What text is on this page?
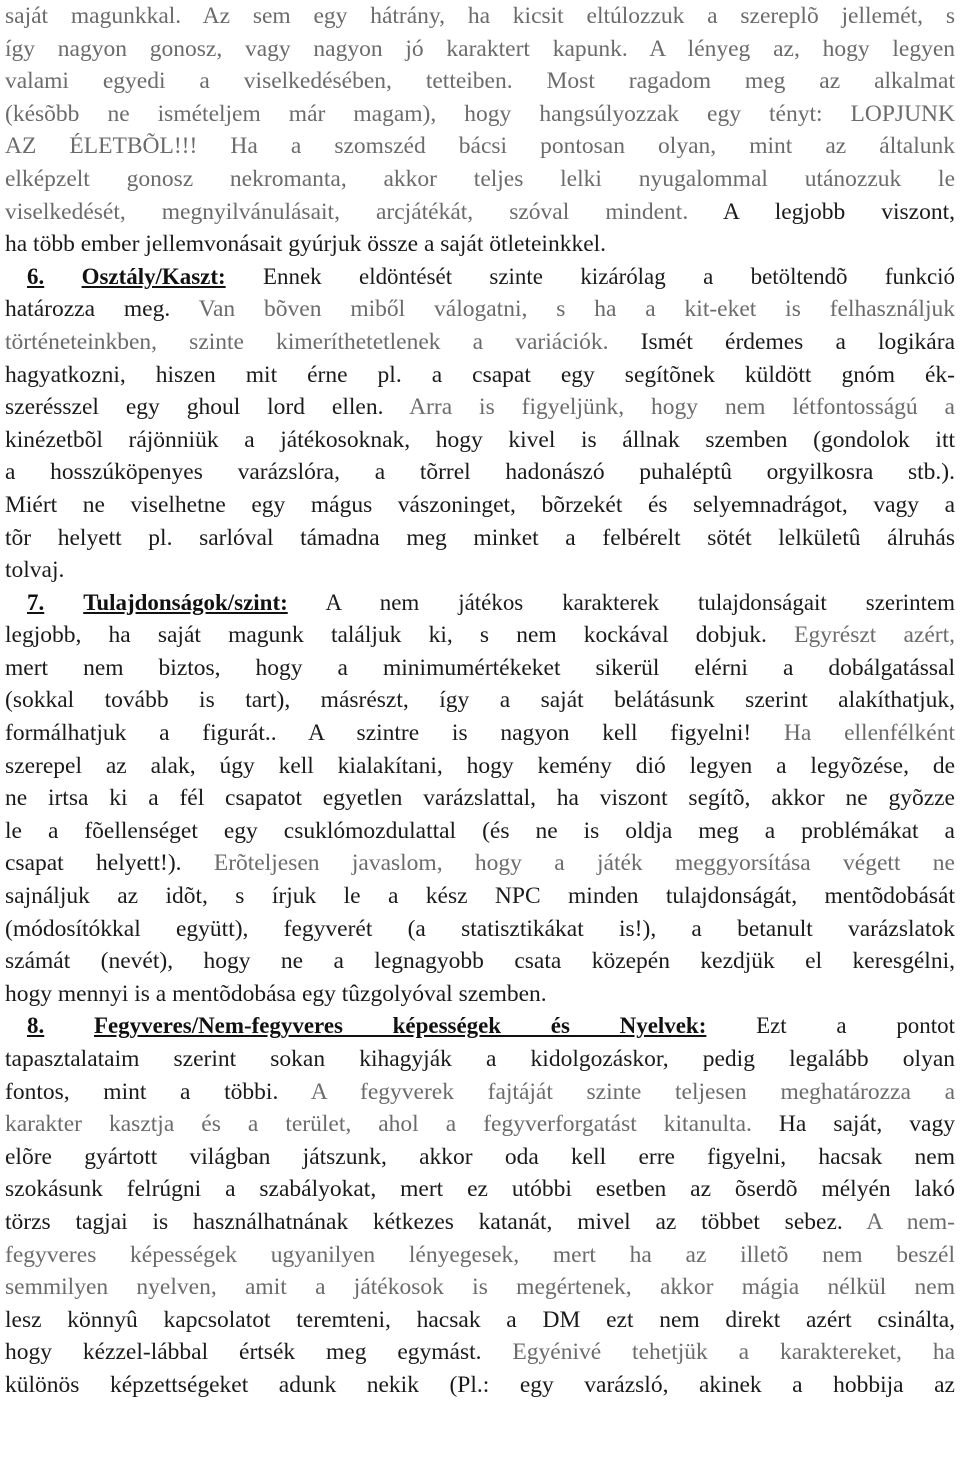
saját magunkkal. Az sem egy hátrány, ha kicsit eltúlozzuk a szereplõ jellemét, s
így nagyon gonosz, vagy nagyon jó karaktert kapunk. A lényeg az, hogy legyen
valami egyedi a viselkedésében, tetteiben. Most ragadom meg az alkalmat
(késõbb ne ismételjem már magam), hogy hangsúlyozzak egy tényt: LOPJUNK
AZ ÉLETBÕL!!! Ha a szomszéd bácsi pontosan olyan, mint az általunk
elképzelt gonosz nekromanta, akkor teljes lelki nyugalommal utánozzuk le
viselkedését, megnyilvánulásait, arcjátékát, szóval mindent. A legjobb viszont,
ha több ember jellemvonásait gyúrjuk össze a saját ötleteinkkel.
6. Osztály/Kaszt: Ennek eldöntését szinte kizárólag a betöltendõ funkció
határozza meg. Van bõven miből válogatni, s ha a kit-eket is felhasználjuk
történeteinkben, szinte kimeríthetetlenek a variációk. Ismét érdemes a logikára
hagyatkozni, hiszen mit érne pl. a csapat egy segítõnek küldött gnóm ék-
szerésszel egy ghoul lord ellen. Arra is figyeljünk, hogy nem létfontosságú a
kinézetbõl rájönniük a játékosoknak, hogy kivel is állnak szemben (gondolok itt
a hosszúköpenyes varázslóra, a tõrrel hadonászó puhaléptû orgyilkosra stb.).
Miért ne viselhetne egy mágus vászoninget, bõrzekét és selyemnadrágot, vagy a
tõr helyett pl. sarlóval támadna meg minket a felbérelt sötét lelkületû álruhás
tolvaj.
7. Tulajdonságok/szint: A nem játékos karakterek tulajdonságait szerintem
legjobb, ha saját magunk találjuk ki, s nem kockával dobjuk. Egyrészt azért,
mert nem biztos, hogy a minimumértékeket sikerül elérni a dobálgatással
(sokkal tovább is tart), másrészt, így a saját belátásunk szerint alakíthatjuk,
formálhatjuk a figurát.. A szintre is nagyon kell figyelni! Ha ellenfélként
szerepel az alak, úgy kell kialakítani, hogy kemény dió legyen a legyõzése, de
ne irtsa ki a fél csapatot egyetlen varázslattal, ha viszont segítõ, akkor ne gyõzze
le a fõellenséget egy csuklómozdulattal (és ne is oldja meg a problémákat a
csapat helyett!). Erõteljesen javaslom, hogy a játék meggyorsítása végett ne
sajnáljuk az idõt, s írjuk le a kész NPC minden tulajdonságát, mentõdobását
(módosítókkal együtt), fegyverét (a statisztikákat is!), a betanult varázslatok
számát (nevét), hogy ne a legnagyobb csata közepén kezdjük el keresgélni,
hogy mennyi is a mentõdobása egy tûzgolyóval szemben.
8. Fegyveres/Nem-fegyveres képességek és Nyelvek: Ezt a pontot
tapasztalataim szerint sokan kihagyják a kidolgozáskor, pedig legalább olyan
fontos, mint a többi. A fegyverek fajtáját szinte teljesen meghatározza a
karakter kasztja és a terület, ahol a fegyverforgatást kitanulta. Ha saját, vagy
elõre gyártott világban játszunk, akkor oda kell erre figyelni, hacsak nem
szokásunk felrúgni a szabályokat, mert ez utóbbi esetben az õserdõ mélyén lakó
törzs tagjai is használhatnának kétkezes katanát, mivel az többet sebez. A nem-
fegyveres képességek ugyanilyen lényegesek, mert ha az illetõ nem beszél
semmilyen nyelven, amit a játékosok is megértenek, akkor mágia nélkül nem
lesz könnyû kapcsolatot teremteni, hacsak a DM ezt nem direkt azért csinálta,
hogy kézzel-lábbal értsék meg egymást. Egyénivé tehetjük a karaktereket, ha
különös képzettségeket adunk nekik (Pl.: egy varázsló, akinek a hobbija az
